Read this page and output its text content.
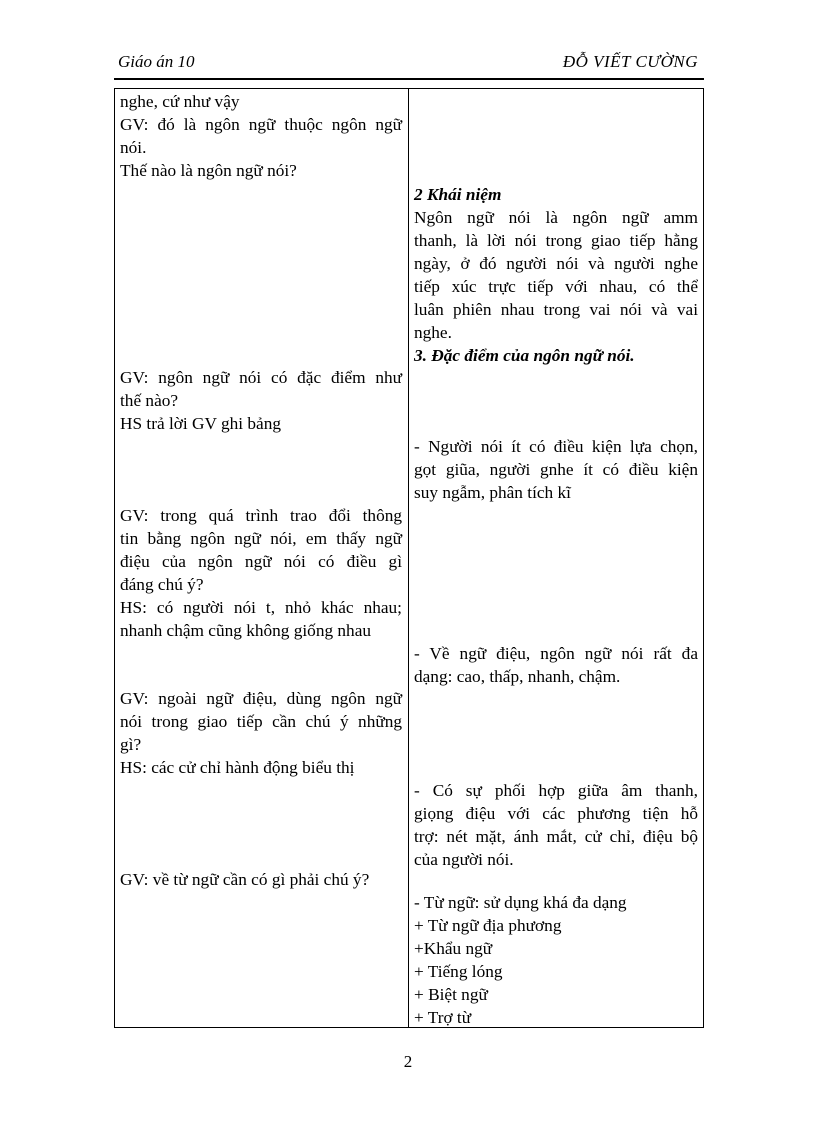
Giáo án 10	ĐỖ VIẾT CƯỜNG
nghe, cứ như vậy
GV: đó là ngôn ngữ thuộc ngôn ngữ
nói.
Thế nào là ngôn ngữ nói?
GV: ngôn ngữ nói có đặc điểm như
thế nào?
HS trả lời GV ghi bảng
GV: trong quá trình trao đổi thông
tin bằng ngôn ngữ nói, em thấy ngữ
điệu của ngôn ngữ nói có điều gì
đáng chú ý?
HS: có người nói t, nhỏ khác nhau;
nhanh chậm cũng không giống nhau
GV: ngoài ngữ điệu, dùng ngôn ngữ
nói trong giao tiếp cần chú ý những
gì?
HS: các cử chỉ hành động biểu thị
GV: về từ ngữ cần có gì phải chú ý?
2 Khái niệm
Ngôn ngữ nói là ngôn ngữ amm
thanh, là lời nói trong giao tiếp hằng
ngày, ở đó người nói và người nghe
tiếp xúc trực tiếp với nhau, có thể
luân phiên nhau trong vai nói và vai
nghe.
3. Đặc điểm của ngôn ngữ nói.
- Người nói ít có điều kiện lựa chọn,
gọt giũa, người gnhe ít có điều kiện
suy ngẫm, phân tích kĩ
- Về ngữ điệu, ngôn ngữ nói rất đa
dạng: cao, thấp, nhanh, chậm.
- Có sự phối hợp giữa âm thanh,
giọng điệu với các phương tiện hỗ
trợ: nét mặt, ánh mắt, cử chỉ, điệu bộ
của người nói.
- Từ ngữ: sử dụng khá đa dạng
+ Từ ngữ địa phương
+Khẩu ngữ
+ Tiếng lóng
+ Biệt ngữ
+ Trợ từ
2
